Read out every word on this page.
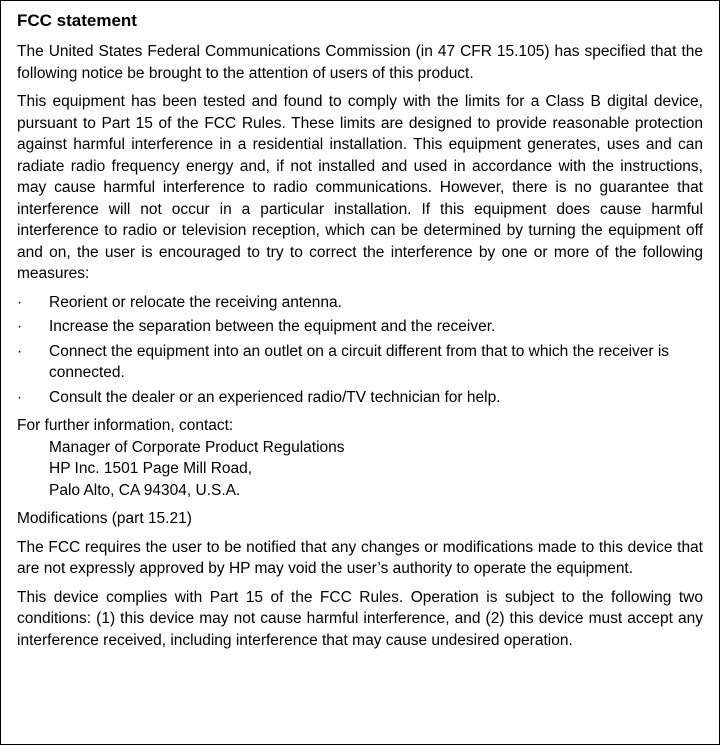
FCC statement

The United States Federal Communications Commission (in 47 CFR 15.105) has specified that the following notice be brought to the attention of users of this product.

This equipment has been tested and found to comply with the limits for a Class B digital device, pursuant to Part 15 of the FCC Rules. These limits are designed to provide reasonable protection against harmful interference in a residential installation. This equipment generates, uses and can radiate radio frequency energy and, if not installed and used in accordance with the instructions, may cause harmful interference to radio communications. However, there is no guarantee that interference will not occur in a particular installation. If this equipment does cause harmful interference to radio or television reception, which can be determined by turning the equipment off and on, the user is encouraged to try to correct the interference by one or more of the following measures:

· Reorient or relocate the receiving antenna.
· Increase the separation between the equipment and the receiver.
· Connect the equipment into an outlet on a circuit different from that to which the receiver is connected.
· Consult the dealer or an experienced radio/TV technician for help.

For further information, contact:

Manager of Corporate Product Regulations
HP Inc. 1501 Page Mill Road,
Palo Alto, CA 94304, U.S.A.

Modifications (part 15.21)

The FCC requires the user to be notified that any changes or modifications made to this device that are not expressly approved by HP may void the user’s authority to operate the equipment.

This device complies with Part 15 of the FCC Rules. Operation is subject to the following two conditions: (1) this device may not cause harmful interference, and (2) this device must accept any interference received, including interference that may cause undesired operation.
